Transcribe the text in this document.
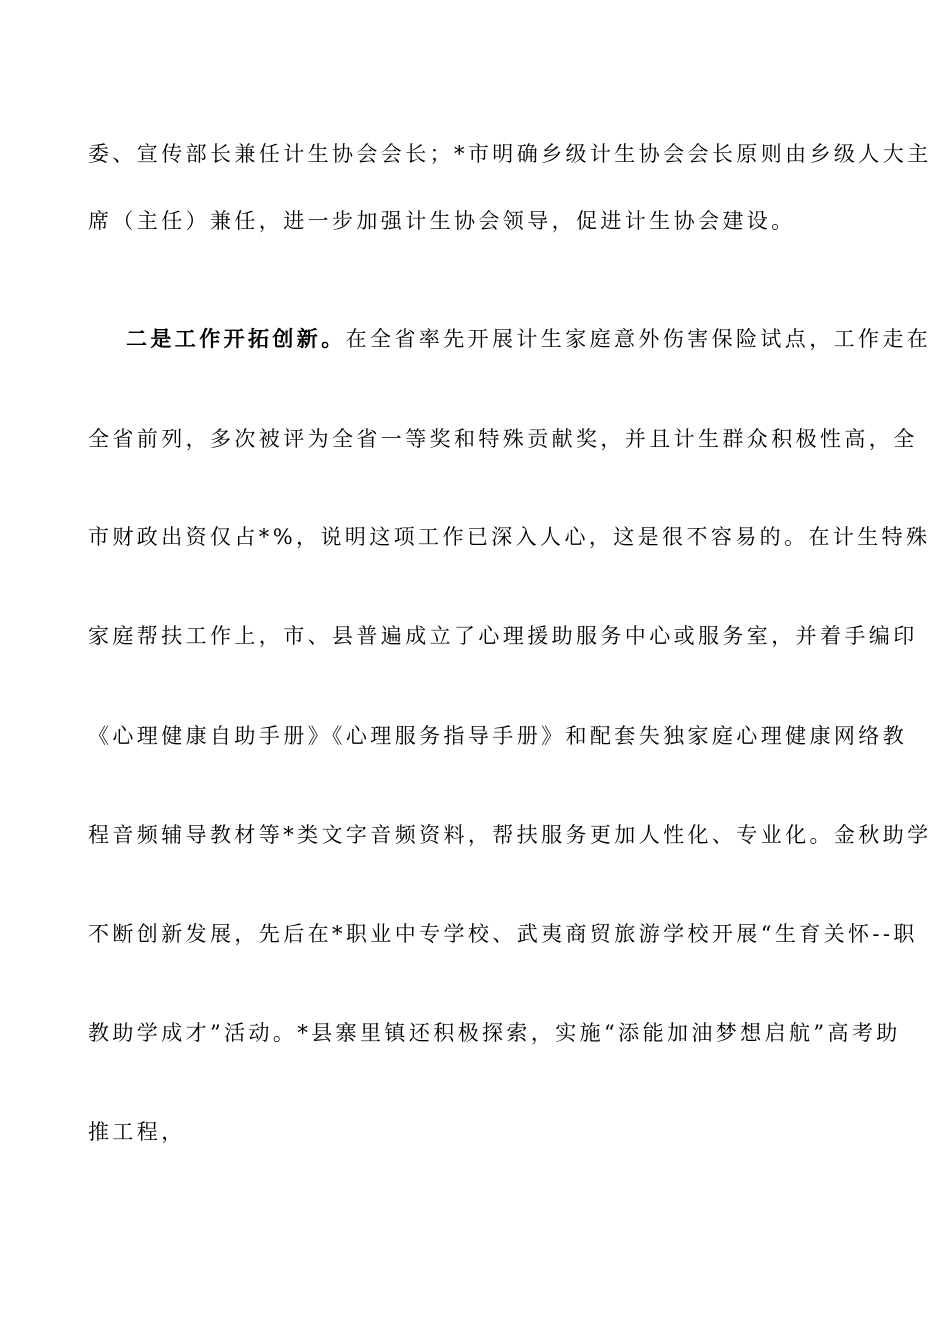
委、宣传部长兼任计生协会会长；*市明确乡级计生协会会长原则由乡级人大主
席（主任）兼任，进一步加强计生协会领导，促进计生协会建设。
二是工作开拓创新。在全省率先开展计生家庭意外伤害保险试点，工作走在
全省前列，多次被评为全省一等奖和特殊贡献奖，并且计生群众积极性高，全
市财政出资仅占*%，说明这项工作已深入人心，这是很不容易的。在计生特殊
家庭帮扶工作上，市、县普遍成立了心理援助服务中心或服务室，并着手编印
《心理健康自助手册》《心理服务指导手册》和配套失独家庭心理健康网络教
程音频辅导教材等*类文字音频资料，帮扶服务更加人性化、专业化。金秋助学
不断创新发展，先后在*职业中专学校、武夷商贸旅游学校开展“生育关怀--职
教助学成才”活动。*县寨里镇还积极探索，实施“添能加油梦想启航”高考助
推工程，
